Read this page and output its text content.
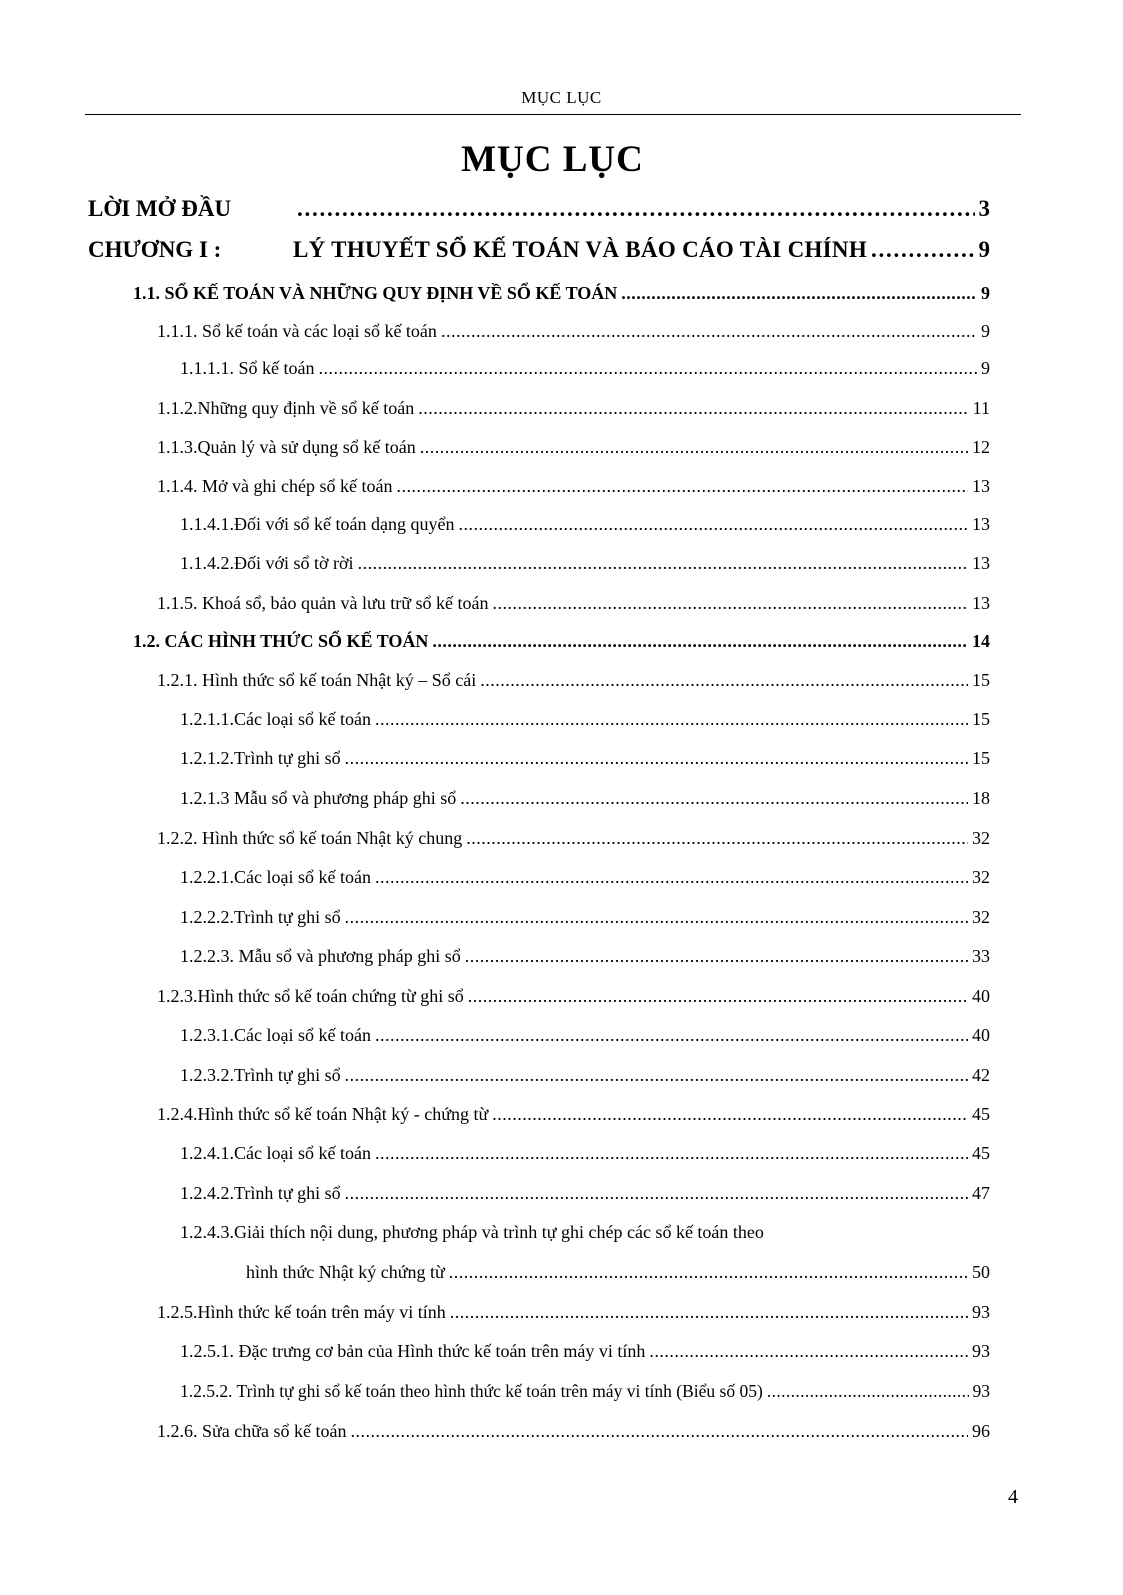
MỤC LỤC
MỤC LỤC
LỜI MỞ ĐẦU . . .	3
CHƯƠNG I :	LÝ THUYẾT SỔ KẾ TOÁN VÀ BÁO CÁO TÀI CHÍNH . . .	9
1.1. SỔ KẾ TOÁN VÀ NHỮNG QUY ĐỊNH VỀ SỔ KẾ TOÁN . . .	9
1.1.1. Sổ kế toán và các loại sổ kế toán . . .	9
1.1.1.1. Sổ kế toán . . .	9
1.1.2.Những quy định về sổ kế toán . . .	11
1.1.3.Quản lý và sử dụng sổ kế toán . . .	12
1.1.4. Mở và ghi chép sổ kế toán . . .	13
1.1.4.1.Đối với sổ kế toán dạng quyển . . .	13
1.1.4.2.Đối với sổ tờ rời . . .	13
1.1.5. Khoá sổ, bảo quản và lưu trữ sổ kế toán . . .	13
1.2. CÁC HÌNH THỨC SỔ KẾ TOÁN . . .	14
1.2.1. Hình thức sổ kế toán Nhật ký – Sổ cái . . .	15
1.2.1.1.Các loại sổ kế toán . . .	15
1.2.1.2.Trình tự ghi sổ . . .	15
1.2.1.3 Mẫu sổ và phương pháp ghi sổ . . .	18
1.2.2. Hình thức sổ kế toán Nhật ký chung . . .	32
1.2.2.1.Các loại sổ kế toán . . .	32
1.2.2.2.Trình tự ghi sổ . . .	32
1.2.2.3. Mẫu sổ và phương pháp ghi sổ . . .	33
1.2.3.Hình thức sổ kế toán chứng từ ghi sổ . . .	40
1.2.3.1.Các loại sổ kế toán . . .	40
1.2.3.2.Trình tự ghi sổ . . .	42
1.2.4.Hình thức sổ kế toán Nhật ký - chứng từ . . .	45
1.2.4.1.Các loại sổ kế toán . . .	45
1.2.4.2.Trình tự ghi sổ . . .	47
1.2.4.3.Giải thích nội dung, phương pháp và trình tự ghi chép các sổ kế toán theo
hình thức Nhật ký chứng từ . . .	50
1.2.5.Hình thức kế toán trên máy vi tính . . .	93
1.2.5.1. Đặc trưng cơ bản của Hình thức kế toán trên máy vi tính . . .	93
1.2.5.2. Trình tự ghi sổ kế toán theo hình thức kế toán trên máy vi tính (Biểu số 05) . . .	93
1.2.6. Sửa chữa sổ kế toán . . .	96
4
